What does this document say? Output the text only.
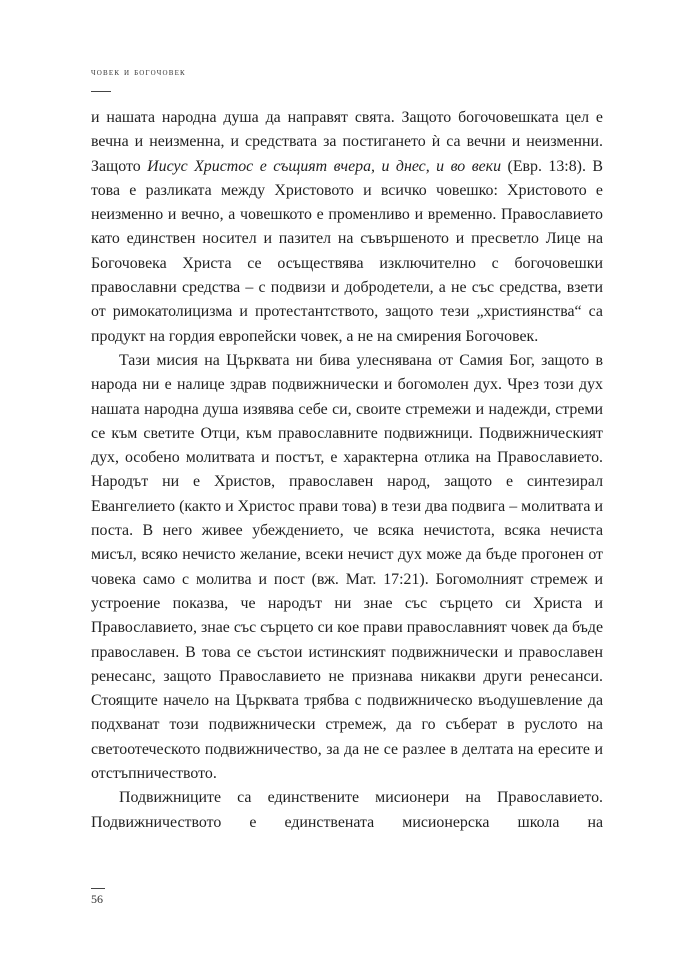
човек и богочовек

и нашата народна душа да направят свята. Защото богочовешката цел е вечна и неизменна, и средствата за постигането ѝ са вечни и неизменни. Защото Иисус Христос е същият вчера, и днес, и во веки (Евр. 13:8). В това е разликата между Христовото и всичко човешко: Христовото е неизменно и вечно, а човешкото е променливо и временно. Православието като единствен носител и пазител на съвършеното и пресветло Лице на Богочовека Христа се осъществява изключително с богочовешки православни средства – с подвизи и добродетели, а не със средства, взети от римокатолицизма и протестантството, защото тези „християнства“ са продукт на гордия европейски човек, а не на смирения Богочовек.

Тази мисия на Църквата ни бива улеснявана от Самия Бог, защото в народа ни е налице здрав подвижнически и богомолен дух. Чрез този дух нашата народна душа изявява себе си, своите стремежи и надежди, стреми се към светите Отци, към православните подвижници. Подвижническият дух, особено молитвата и постът, е характерна отлика на Православието. Народът ни е Христов, православен народ, защото е синтезирал Евангелието (както и Христос прави това) в тези два подвига – молитвата и поста. В него живее убеждението, че всяка нечистота, всяка нечиста мисъл, всяко нечисто желание, всеки нечист дух може да бъде прогонен от човека само с молитва и пост (вж. Мат. 17:21). Богомолният стремеж и устроение показва, че народът ни знае със сърцето си Христа и Православието, знае със сърцето си кое прави православният човек да бъде православен. В това се състои истинският подвижнически и православен ренесанс, защото Православието не признава никакви други ренесанси. Стоящите начело на Църквата трябва с подвижническо въодушевление да подхванат този подвижнически стремеж, да го съберат в руслото на светоотеческото подвижничество, за да не се разлее в делтата на ересите и отстъпничеството.

Подвижниците са единствените мисионери на Православието. Подвижничеството е единствената мисионерска школа на

56
